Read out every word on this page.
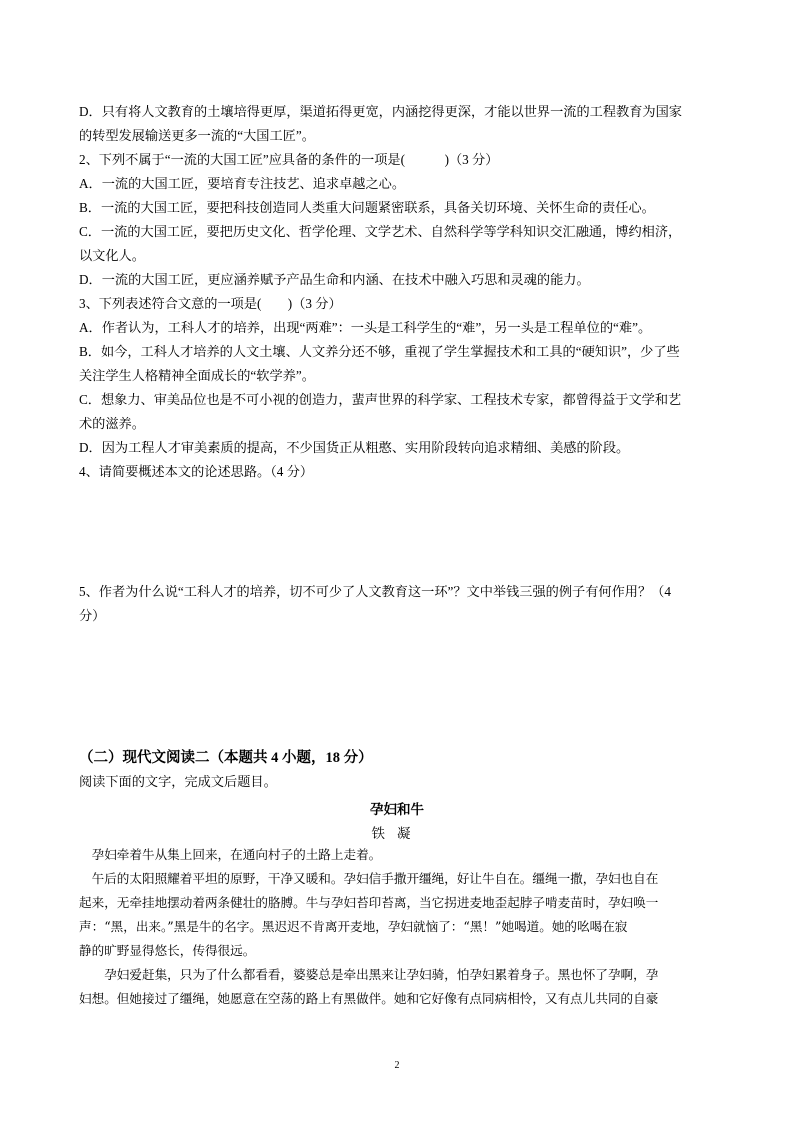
D．只有将人文教育的土壤培得更厚，渠道拓得更宽，内涵挖得更深，才能以世界一流的工程教育为国家
的转型发展输送更多一流的“大国工匠”。
2、下列不属于“一流的大国工匠”应具备的条件的一项是(　　　)（3 分）
A．一流的大国工匠，要培育专注技艺、追求卓越之心。
B．一流的大国工匠，要把科技创造同人类重大问题紧密联系，具备关切环境、关怀生命的责任心。
C．一流的大国工匠，要把历史文化、哲学伦理、文学艺术、自然科学等学科知识交汇融通，博约相济，
以文化人。
D．一流的大国工匠，更应涵养赋予产品生命和内涵、在技术中融入巧思和灵魂的能力。
3、下列表述符合文意的一项是(　　)（3 分）
A．作者认为，工科人才的培养，出现“两难”：一头是工科学生的“难”，另一头是工程单位的“难”。
B．如今，工科人才培养的人文土壤、人文养分还不够，重视了学生掌握技术和工具的“硬知识”，少了些
关注学生人格精神全面成长的“软学养”。
C．想象力、审美品位也是不可小视的创造力，蜚声世界的科学家、工程技术专家，都曾得益于文学和艺
术的滋养。
D．因为工程人才审美素质的提高，不少国货正从粗憨、实用阶段转向追求精细、美感的阶段。
4、请简要概述本文的论述思路。（4 分）
5、作者为什么说“工科人才的培养，切不可少了人文教育这一环”？文中举钱三强的例子有何作用？（4
分）
（二）现代文阅读二（本题共 4 小题，18 分）
阅读下面的文字，完成文后题目。
孕妇和牛
铁凝
　孕妇牵着牛从集上回来，在通向村子的土路上走着。
　午后的太阳照耀着平坦的原野，干净又暖和。孕妇信手撒开缰绳，好让牛自在。缰绳一撒，孕妇也自在
起来，无牵挂地摆动着两条健壮的胳膊。牛与孕妇苔印苔离，当它拐进麦地歪起脖子啃麦苗时，孕妇唤一
声：“黑，出来。”黑是牛的名字。黑迟迟不肯离开麦地，孕妇就恼了：“黑！”她喝道。她的吆喝在寂
静的旷野显得悠长，传得很远。
　　孕妇爱赶集，只为了什么都看看，婆婆总是牵出黑来让孕妇骑，怕孕妇累着身子。黑也怀了孕啊，孕
妇想。但她接过了缰绳，她愿意在空荡的路上有黑做伴。她和它好像有点同病相怜，又有点儿共同的自豪
2
